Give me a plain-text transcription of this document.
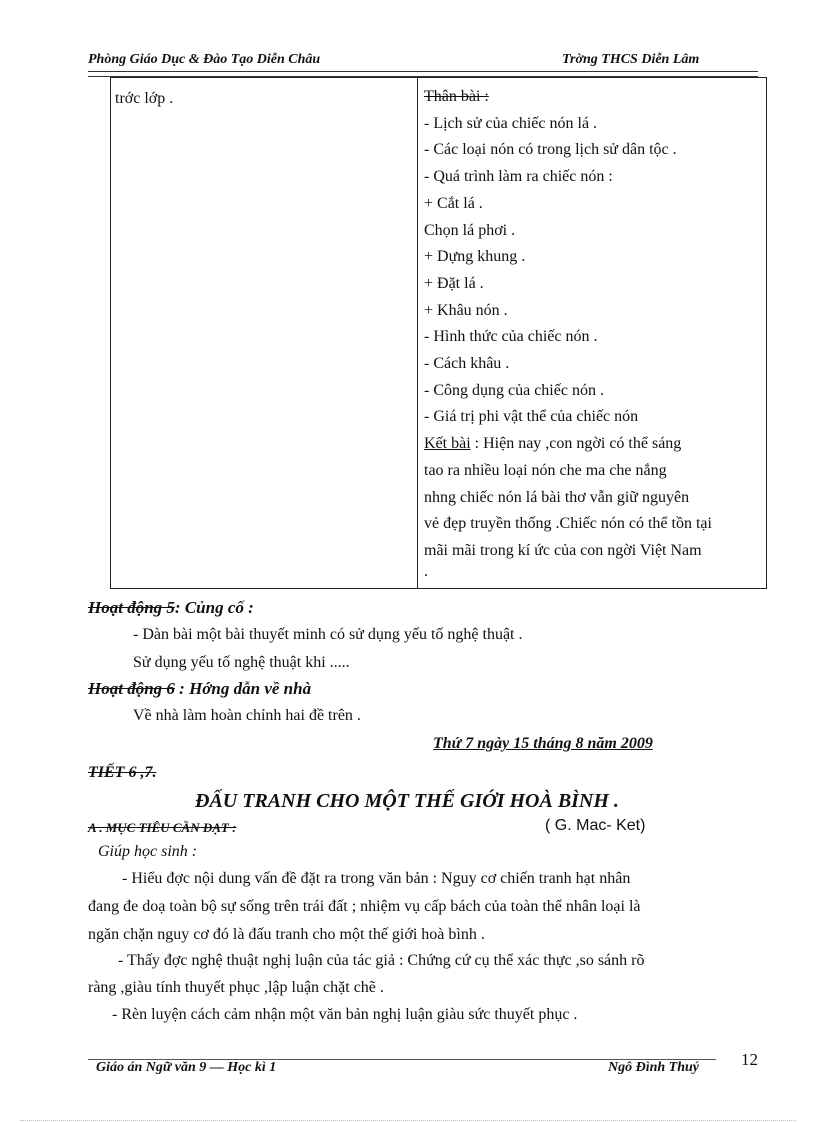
Phòng Giáo Dục & Đào Tạo Diễn Châu	Trờng THCS Diễn Lâm
trớc lớp .	Thân bài :
- Lịch sử của chiếc nón lá .
- Các loại nón có trong lịch sử dân tộc .
- Quá trình làm ra chiếc nón :
+ Cắt lá .
Chọn lá phơi .
+ Dựng khung .
+ Đặt lá .
+ Khâu nón .
- Hình thức của chiếc nón .
- Cách khâu .
- Công dụng của chiếc nón .
- Giá trị phi vật thể của chiếc nón
Kết bài : Hiện nay ,con ngời có thể sáng
tao ra nhiều loại nón che ma che nắng
nhng chiếc nón lá bài thơ vẫn giữ nguyên
vẻ đẹp truyền thống .Chiếc nón có thể tồn tại
mãi mãi trong kí ức của con ngời Việt Nam
.
Hoạt động 5: Củng cố :
- Dàn bài một bài thuyết minh có sử dụng yếu tố nghệ thuật .
Sử dụng yếu tố nghệ thuật khi .....
Hoạt động 6 : Hớng dẫn về nhà
Về nhà làm hoàn chỉnh hai đề trên .
Thứ 7 ngày 15 tháng 8 năm 2009
TIẾT 6 ,7.
ĐẤU TRANH CHO MỘT THẾ GIỚI HOÀ BÌNH .
A . MỤC TIÊU CẦN ĐẠT :	( G. Mac- Ket)
Giúp học sinh :
- Hiểu đợc nội dung vấn đề đặt ra trong văn bản : Nguy cơ chiến tranh hạt nhân
đang đe doạ toàn bộ sự sống trên trái đất ; nhiệm vụ cấp bách của toàn thể nhân loại là
ngăn chặn nguy cơ đó là đấu tranh cho một thế giới hoà bình .
- Thấy đợc nghệ thuật nghị luận của tác giả : Chứng cứ cụ thể xác thực ,so sánh rõ
ràng ,giàu tính thuyết phục ,lập luận chặt chẽ .
- Rèn luyện cách cảm nhận một văn bản nghị luận giàu sức thuyết phục .
Giáo án Ngữ văn 9 — Học kì 1	Ngô Đình Thuý 12
